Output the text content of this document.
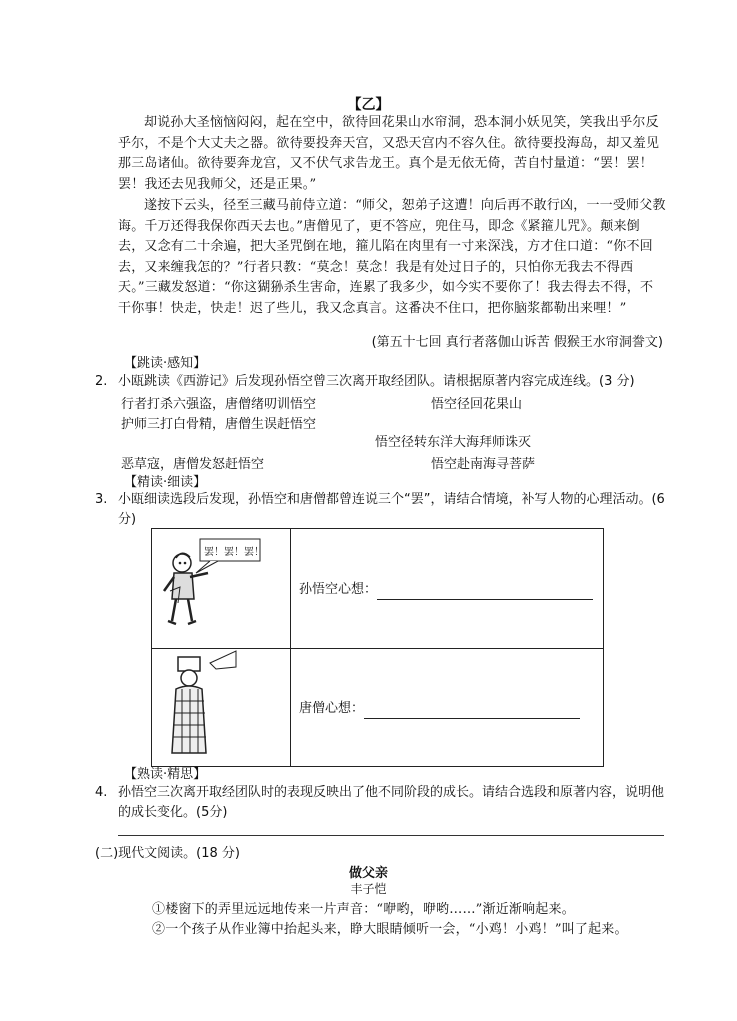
【乙】
却说孙大圣恼恼闷闷，起在空中，欲待回花果山水帘洞，恐本洞小妖见笑，笑我出乎尔反乎尔，不是个大丈夫之器。欲待要投奔天宫，又恐天宫内不容久住。欲待要投海岛，却又羞见那三岛诸仙。欲待要奔龙宫，又不伏气求告龙王。真个是无依无倚，苦自忖量道：“罢！罢！罢！我还去见我师父，还是正果。”
遂按下云头，径至三藏马前侍立道：“师父，恕弟子这遭！向后再不敢行凶，一一受师父教诲。千万还得我保你西天去也。”唐僧见了，更不答应，兜住马，即念《紧箍儿咒》。颠来倒去，又念有二十余遍，把大圣咒倒在地，箍儿陷在肉里有一寸来深浅，方才住口道：“你不回去，又来缠我怎的？”行者只教：“莫念！莫念！我是有处过日子的，只怕你无我去不得西天。”三藏发怒道：“你这猢狲杀生害命，连累了我多少，如今实不要你了！我去得去不得，不干你事！快走，快走！迟了些儿，我又念真言。这番决不住口，把你脑浆都勒出来哩！”
(第五十七回 真行者落伽山诉苦 假猴王水帘洞誊文)
【跳读·感知】
2. 小瓯跳读《西游记》后发现孙悟空曾三次离开取经团队。请根据原著内容完成连线。(3 分)
行者打杀六强盗，唐僧绪叨训悟空
护师三打白骨精，唐僧生误赶悟空
恶草寇，唐僧发怒赶悟空
悟空径回花果山
悟空径转东洋大海拜师诛灭
悟空赴南海寻菩萨
【精读·细读】
3. 小瓯细读选段后发现，孙悟空和唐僧都曾连说三个“罢”，请结合情境，补写人物的心理活动。(6分)
罢！罢！罢！	孙悟空心想：
	唐僧心想：
【熟读·精思】
4. 孙悟空三次离开取经团队时的表现反映出了他不同阶段的成长。请结合选段和原著内容，说明他的成长变化。(5分)
(二)现代文阅读。(18 分)
做父亲
丰子恺
①楼窗下的弄里远远地传来一片声音：“咿哟，咿哟……”渐近渐响起来。
②一个孩子从作业簿中抬起头来，睁大眼睛倾听一会，“小鸡！小鸡！”叫了起来。
